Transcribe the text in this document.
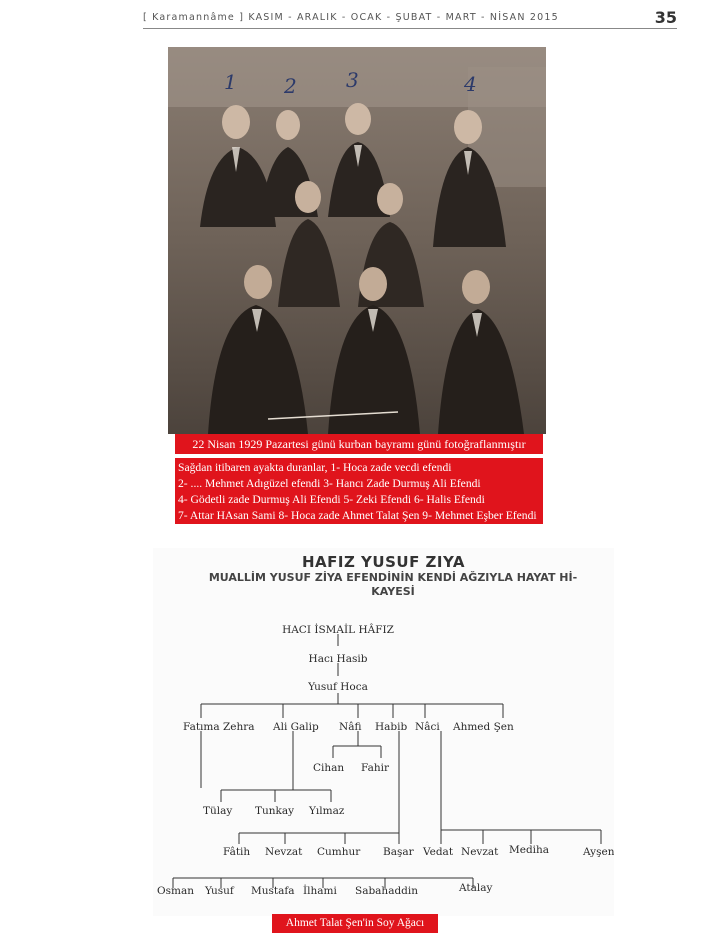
[ Karamannâme ] KASIM - ARALIK - OCAK - ŞUBAT - MART - NİSAN 2015	35
1 2 3	4
22 Nisan 1929 Pazartesi günü kurban bayramı günü fotoğraflanmıştır
Sağdan itibaren ayakta duranlar, 1- Hoca zade vecdi efendi
2- .... Mehmet Adıgüzel efendi 3- Hancı Zade Durmuş Ali Efendi
4- Gödetli zade Durmuş Ali Efendi 5- Zeki Efendi 6- Halis Efendi
7- Attar HAsan Sami 8- Hoca zade Ahmet Talat Şen 9- Mehmet Eşber Efendi
HAFIZ YUSUF ZIYA
MUALLİM YUSUF ZİYA EFENDİNİN KENDİ AĞZIYLA HAYAT Hİ-
KAYESİ
HACI İSMAİL HÂFIZ
Hacı Hasib
Yusuf Hoca
Fatıma Zehra Ali Galip Nâfi Habib Nâci Ahmed Şen
Cihan Fahir
Tülay Tunkay Yılmaz
Fâtih Nevzat Cumhur Başar Vedat Nevzat Mediha	Ayşen
Osman Yusuf Mustafa İlhami Sabahaddin	Atalay
Ahmet Talat Şen'in Soy Ağacı
